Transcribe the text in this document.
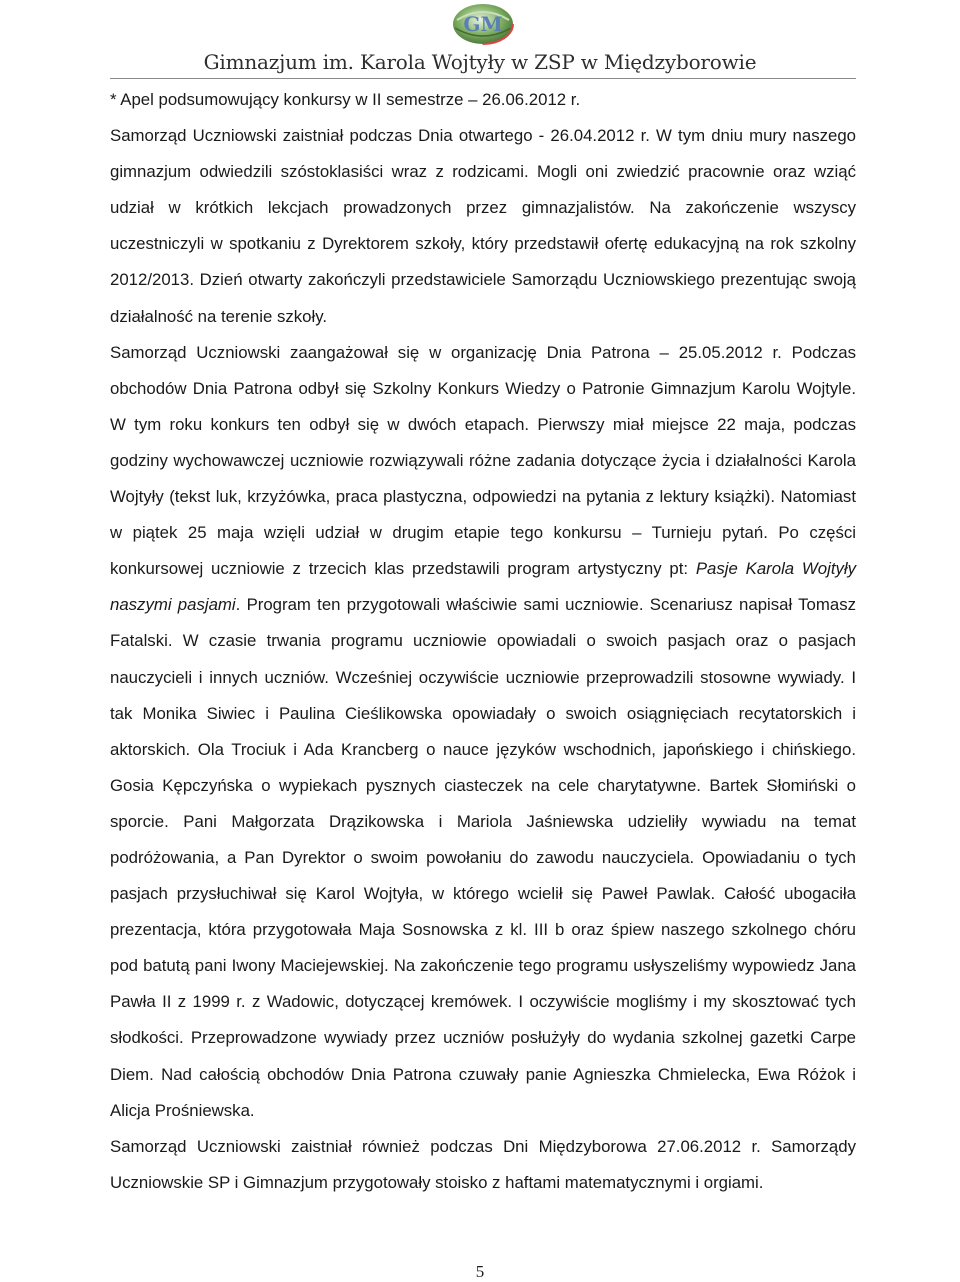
GM
Gimnazjum im. Karola Wojtyły w ZSP w Międzyborowie

* Apel podsumowujący konkursy w II semestrze – 26.06.2012 r.

Samorząd Uczniowski zaistniał podczas Dnia otwartego - 26.04.2012 r. W tym dniu mury naszego gimnazjum odwiedzili szóstoklasiści wraz z rodzicami. Mogli oni zwiedzić pracownie oraz wziąć udział w krótkich lekcjach prowadzonych przez gimnazjalistów. Na zakończenie wszyscy uczestniczyli w spotkaniu z Dyrektorem szkoły, który przedstawił ofertę edukacyjną na rok szkolny 2012/2013. Dzień otwarty zakończyli przedstawiciele Samorządu Uczniowskiego prezentując swoją działalność na terenie szkoły.

Samorząd Uczniowski zaangażował się w organizację Dnia Patrona – 25.05.2012 r. Podczas obchodów Dnia Patrona odbył się Szkolny Konkurs Wiedzy o Patronie Gimnazjum Karolu Wojtyle. W tym roku konkurs ten odbył się w dwóch etapach. Pierwszy miał miejsce 22 maja, podczas godziny wychowawczej uczniowie rozwiązywali różne zadania dotyczące życia i działalności Karola Wojtyły (tekst luk, krzyżówka, praca plastyczna, odpowiedzi na pytania z lektury książki). Natomiast w piątek 25 maja wzięli udział w drugim etapie tego konkursu – Turnieju pytań. Po części konkursowej uczniowie z trzecich klas przedstawili program artystyczny pt: Pasje Karola Wojtyły naszymi pasjami. Program ten przygotowali właściwie sami uczniowie. Scenariusz napisał Tomasz Fatalski. W czasie trwania programu uczniowie opowiadali o swoich pasjach oraz o pasjach nauczycieli i innych uczniów. Wcześniej oczywiście uczniowie przeprowadzili stosowne wywiady. I tak Monika Siwiec i Paulina Cieślikowska opowiadały o swoich osiągnięciach recytatorskich i aktorskich. Ola Trociuk i Ada Krancberg o nauce języków wschodnich, japońskiego i chińskiego. Gosia Kępczyńska o wypiekach pysznych ciasteczek na cele charytatywne. Bartek Słomiński o sporcie. Pani Małgorzata Drązikowska i Mariola Jaśniewska udzieliły wywiadu na temat podróżowania, a Pan Dyrektor o swoim powołaniu do zawodu nauczyciela. Opowiadaniu o tych pasjach przysłuchiwał się Karol Wojtyła, w którego wcielił się Paweł Pawlak. Całość ubogaciła prezentacja, która przygotowała Maja Sosnowska z kl. III b oraz śpiew naszego szkolnego chóru pod batutą pani Iwony Maciejewskiej. Na zakończenie tego programu usłyszeliśmy wypowiedz Jana Pawła II z 1999 r. z Wadowic, dotyczącej kremówek. I oczywiście mogliśmy i my skosztować tych słodkości. Przeprowadzone wywiady przez uczniów posłużyły do wydania szkolnej gazetki Carpe Diem. Nad całością obchodów Dnia Patrona czuwały panie Agnieszka Chmielecka, Ewa Różok i Alicja Prośniewska.

Samorząd Uczniowski zaistniał również podczas Dni Międzyborowa 27.06.2012 r. Samorządy Uczniowskie SP i Gimnazjum przygotowały stoisko z haftami matematycznymi i orgiami.

5
